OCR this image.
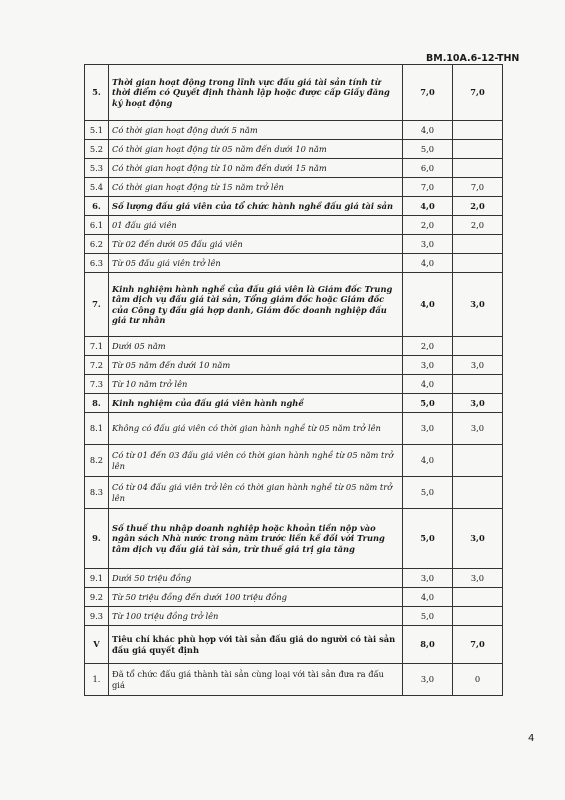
BM.10A.6-12-THN
5.	Thời gian hoạt động trong lĩnh vực đấu giá tài sản tính từ thời điểm có Quyết định thành lập hoặc được cấp Giấy đăng ký hoạt động	7,0	7,0
5.1	Có thời gian hoạt động dưới 5 năm	4,0	
5.2	Có thời gian hoạt động từ 05 năm đến dưới 10 năm	5,0	
5.3	Có thời gian hoạt động từ 10 năm đến dưới 15 năm	6,0	
5.4	Có thời gian hoạt động từ 15 năm trở lên	7,0	7,0
6.	Số lượng đấu giá viên của tổ chức hành nghề đấu giá tài sản	4,0	2,0
6.1	01 đấu giá viên	2,0	2,0
6.2	Từ 02 đến dưới 05 đấu giá viên	3,0	
6.3	Từ 05 đấu giá viên trở lên	4,0	
7.	Kinh nghiệm hành nghề của đấu giá viên là Giám đốc Trung tâm dịch vụ đấu giá tài sản, Tổng giám đốc hoặc Giám đốc của Công ty đấu giá hợp danh, Giám đốc doanh nghiệp đấu giá tư nhân	4,0	3,0
7.1	Dưới 05 năm	2,0	
7.2	Từ 05 năm đến dưới 10 năm	3,0	3,0
7.3	Từ 10 năm trở lên	4,0	
8.	Kinh nghiệm của đấu giá viên hành nghề	5,0	3,0
8.1	Không có đấu giá viên có thời gian hành nghề từ 05 năm trở lên	3,0	3,0
8.2	Có từ 01 đến 03 đấu giá viên có thời gian hành nghề từ 05 năm trở lên	4,0	
8.3	Có từ 04 đấu giá viên trở lên có thời gian hành nghề từ 05 năm trở lên	5,0	
9.	Số thuế thu nhập doanh nghiệp hoặc khoản tiền nộp vào ngân sách Nhà nước trong năm trước liền kề đối với Trung tâm dịch vụ đấu giá tài sản, trừ thuế giá trị gia tăng	5,0	3,0
9.1	Dưới 50 triệu đồng	3,0	3,0
9.2	Từ 50 triệu đồng đến dưới 100 triệu đồng	4,0	
9.3	Từ 100 triệu đồng trở lên	5,0	
V	Tiêu chí khác phù hợp với tài sản đấu giá do người có tài sản đấu giá quyết định	8,0	7,0
1.	Đã tổ chức đấu giá thành tài sản cùng loại với tài sản đưa ra đấu giá	3,0	0
4
